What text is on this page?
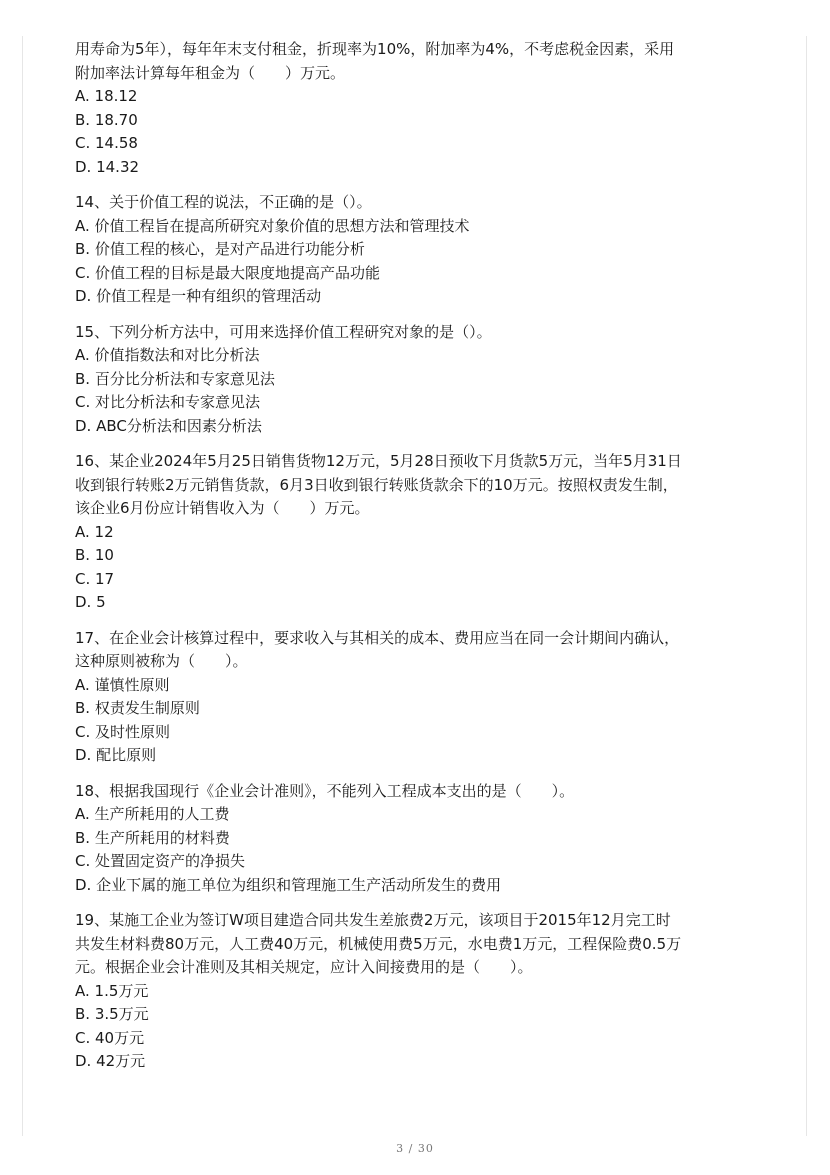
用寿命为5年），每年年末支付租金，折现率为10%，附加率为4%，不考虑税金因素，采用
附加率法计算每年租金为（　　）万元。
A. 18.12
B. 18.70
C. 14.58
D. 14.32
14、关于价值工程的说法，不正确的是（）。
A. 价值工程旨在提高所研究对象价值的思想方法和管理技术
B. 价值工程的核心，是对产品进行功能分析
C. 价值工程的目标是最大限度地提高产品功能
D. 价值工程是一种有组织的管理活动
15、下列分析方法中，可用来选择价值工程研究对象的是（）。
A. 价值指数法和对比分析法
B. 百分比分析法和专家意见法
C. 对比分析法和专家意见法
D. ABC分析法和因素分析法
16、某企业2024年5月25日销售货物12万元，5月28日预收下月货款5万元，当年5月31日
收到银行转账2万元销售货款，6月3日收到银行转账货款余下的10万元。按照权责发生制，
该企业6月份应计销售收入为（　　）万元。
A. 12
B. 10
C. 17
D. 5
17、在企业会计核算过程中，要求收入与其相关的成本、费用应当在同一会计期间内确认，
这种原则被称为（　　）。
A. 谨慎性原则
B. 权责发生制原则
C. 及时性原则
D. 配比原则
18、根据我国现行《企业会计准则》，不能列入工程成本支出的是（　　）。
A. 生产所耗用的人工费
B. 生产所耗用的材料费
C. 处置固定资产的净损失
D. 企业下属的施工单位为组织和管理施工生产活动所发生的费用
19、某施工企业为签订W项目建造合同共发生差旅费2万元，该项目于2015年12月完工时
共发生材料费80万元，人工费40万元，机械使用费5万元，水电费1万元，工程保险费0.5万
元。根据企业会计准则及其相关规定，应计入间接费用的是（　　）。
A. 1.5万元
B. 3.5万元
C. 40万元
D. 42万元
3 / 30
